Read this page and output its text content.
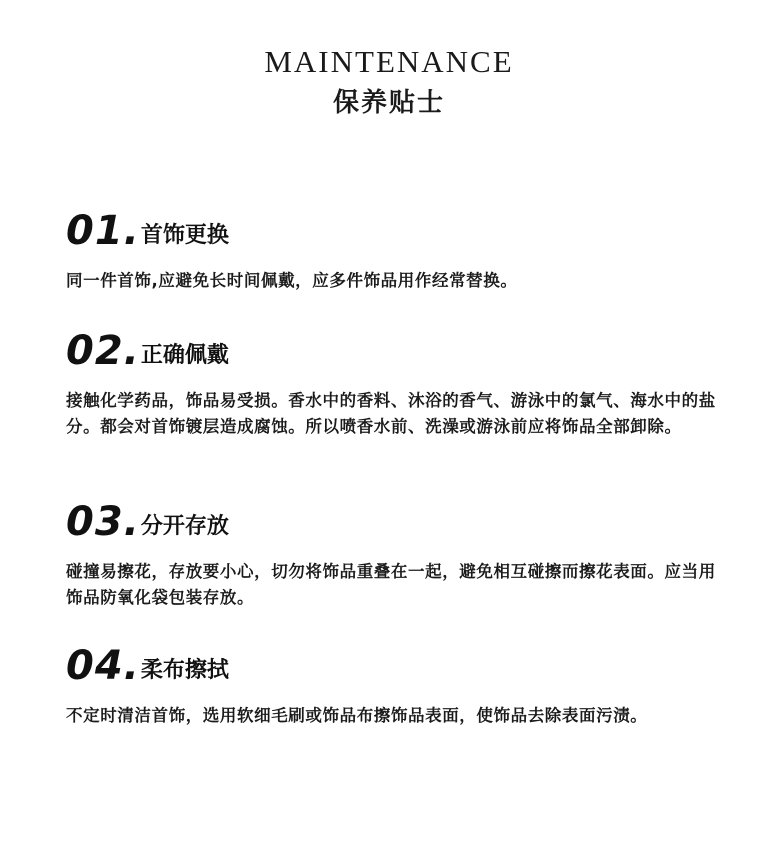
MAINTENANCE
保养贴士
01 . 首饰更换
同一件首饰,应避免长时间佩戴，应多件饰品用作经常替换。
02 . 正确佩戴
接触化学药品，饰品易受损。香水中的香料、沐浴的香气、游泳中的氯气、海水中的盐分。都会对首饰镀层造成腐蚀。所以喷香水前、洗澡或游泳前应将饰品全部卸除。
03 . 分开存放
碰撞易擦花，存放要小心，切勿将饰品重叠在一起，避免相互碰擦而擦花表面。应当用饰品防氧化袋包装存放。
04 . 柔布擦拭
不定时清洁首饰，选用软细毛刷或饰品布擦饰品表面，使饰品去除表面污渍。
